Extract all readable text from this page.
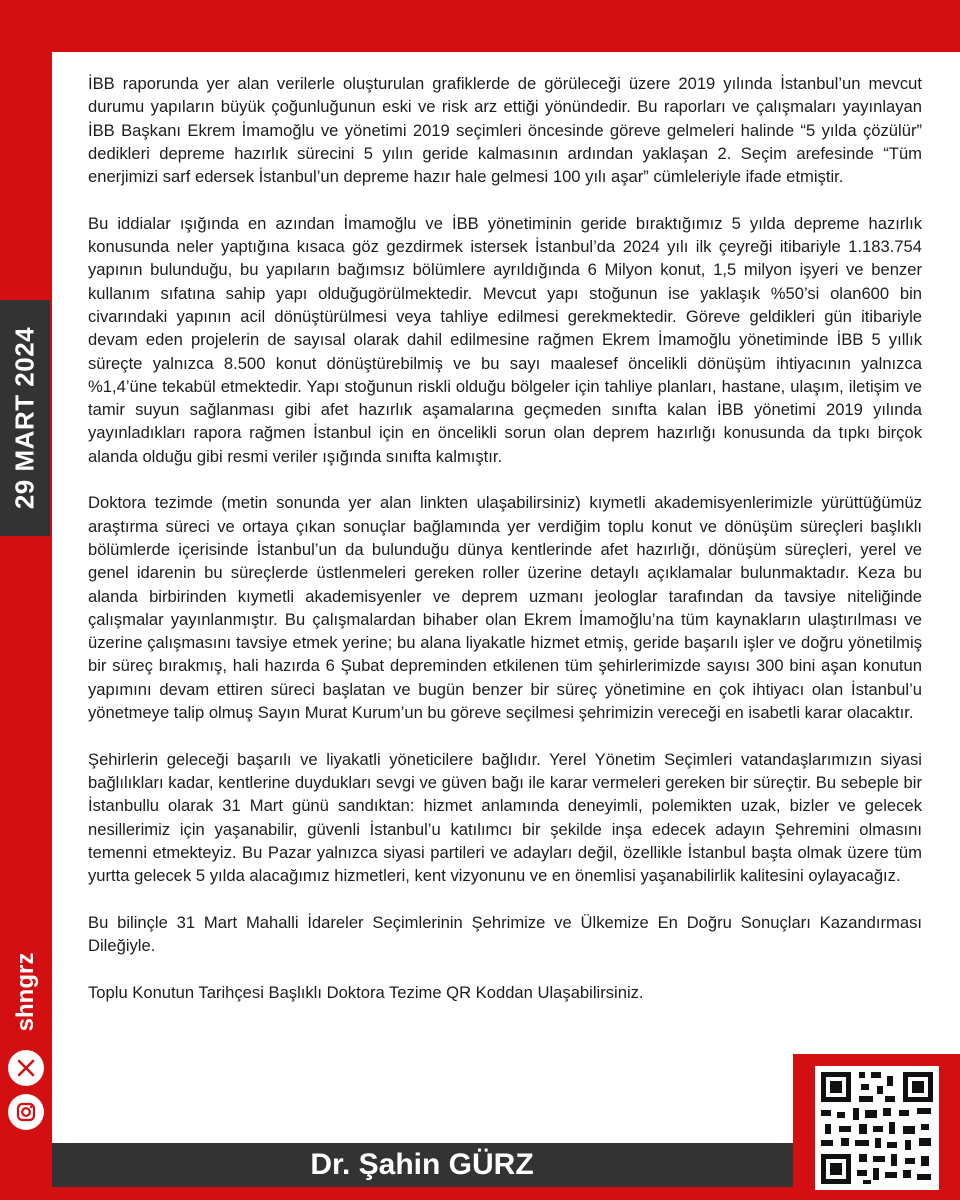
İBB raporunda yer alan verilerle oluşturulan grafiklerde de görüleceği üzere 2019 yılında İstanbul’un mevcut durumu yapıların büyük çoğunluğunun eski ve risk arz ettiği yönündedir. Bu raporları ve çalışmaları yayınlayan İBB Başkanı Ekrem İmamoğlu ve yönetimi 2019 seçimleri öncesinde göreve gelmeleri halinde “5 yılda çözülür” dedikleri depreme hazırlık sürecini 5 yılın geride kalmasının ardından yaklaşan 2. Seçim arefesinde “Tüm enerjimizi sarf edersek İstanbul’un depreme hazır hale gelmesi 100 yılı aşar” cümleleriyle ifade etmiştir.

Bu iddialar ışığında en azından İmamoğlu ve İBB yönetiminin geride bıraktığımız 5 yılda depreme hazırlık konusunda neler yaptığına kısaca göz gezdirmek istersek İstanbul’da 2024 yılı ilk çeyreği itibariyle 1.183.754 yapının bulunduğu, bu yapıların bağımsız bölümlere ayrıldığında 6 Milyon konut, 1,5 milyon işyeri ve benzer kullanım sıfatına sahip yapı olduğugörülmektedir. Mevcut yapı stoğunun ise yaklaşık %50’si olan600 bin civarındaki yapının acil dönüştürülmesi veya tahliye edilmesi gerekmektedir. Göreve geldikleri gün itibariyle devam eden projelerin de sayısal olarak dahil edilmesine rağmen Ekrem İmamoğlu yönetiminde İBB 5 yıllık süreçte yalnızca 8.500 konut dönüştürebilmiş ve bu sayı maalesef öncelikli dönüşüm ihtiyacının yalnızca %1,4’üne tekabül etmektedir. Yapı stoğunun riskli olduğu bölgeler için tahliye planları, hastane, ulaşım, iletişim ve tamir suyun sağlanması gibi afet hazırlık aşamalarına geçmeden sınıfta kalan İBB yönetimi 2019 yılında yayınladıkları rapora rağmen İstanbul için en öncelikli sorun olan deprem hazırlığı konusunda da tıpkı birçok alanda olduğu gibi resmi veriler ışığında sınıfta kalmıştır.

Doktora tezimde (metin sonunda yer alan linkten ulaşabilirsiniz) kıymetli akademisyenlerimizle yürüttüğümüz araştırma süreci ve ortaya çıkan sonuçlar bağlamında yer verdiğim toplu konut ve dönüşüm süreçleri başlıklı bölümlerde içerisinde İstanbul’un da bulunduğu dünya kentlerinde afet hazırlığı, dönüşüm süreçleri, yerel ve genel idarenin bu süreçlerde üstlenmeleri gereken roller üzerine detaylı açıklamalar bulunmaktadır. Keza bu alanda birbirinden kıymetli akademisyenler ve deprem uzmanı jeologlar tarafından da tavsiye niteliğinde çalışmalar yayınlanmıştır. Bu çalışmalardan bihaber olan Ekrem İmamoğlu’na tüm kaynakların ulaştırılması ve üzerine çalışmasını tavsiye etmek yerine; bu alana liyakatle hizmet etmiş, geride başarılı işler ve doğru yönetilmiş bir süreç bırakmış, hali hazırda 6 Şubat depreminden etkilenen tüm şehirlerimizde sayısı 300 bini aşan konutun yapımını devam ettiren süreci başlatan ve bugün benzer bir süreç yönetimine en çok ihtiyacı olan İstanbul’u yönetmeye talip olmuş Sayın Murat Kurum’un bu göreve seçilmesi şehrimizin vereceği en isabetli karar olacaktır.

Şehirlerin geleceği başarılı ve liyakatli yöneticilere bağlıdır. Yerel Yönetim Seçimleri vatandaşlarımızın siyasi bağlılıkları kadar, kentlerine duydukları sevgi ve güven bağı ile karar vermeleri gereken bir süreçtir. Bu sebeple bir İstanbullu olarak 31 Mart günü sandıktan: hizmet anlamında deneyimli, polemikten uzak, bizler ve gelecek nesillerimiz için yaşanabilir, güvenli İstanbul’u katılımcı bir şekilde inşa edecek adayın Şehremini olmasını temenni etmekteyiz. Bu Pazar yalnızca siyasi partileri ve adayları değil, özellikle İstanbul başta olmak üzere tüm yurtta gelecek 5 yılda alacağımız hizmetleri, kent vizyonunu ve en önemlisi yaşanabilirlik kalitesini oylayacağız.

Bu bilinçle 31 Mart Mahalli İdareler Seçimlerinin Şehrimize ve Ülkemize En Doğru Sonuçları Kazandırması Dileğiyle.

Toplu Konutun Tarihçesi Başlıklı Doktora Tezime QR Koddan Ulaşabilirsiniz.

29 MART 2024
shngrz
Dr. Şahin GÜRZ
